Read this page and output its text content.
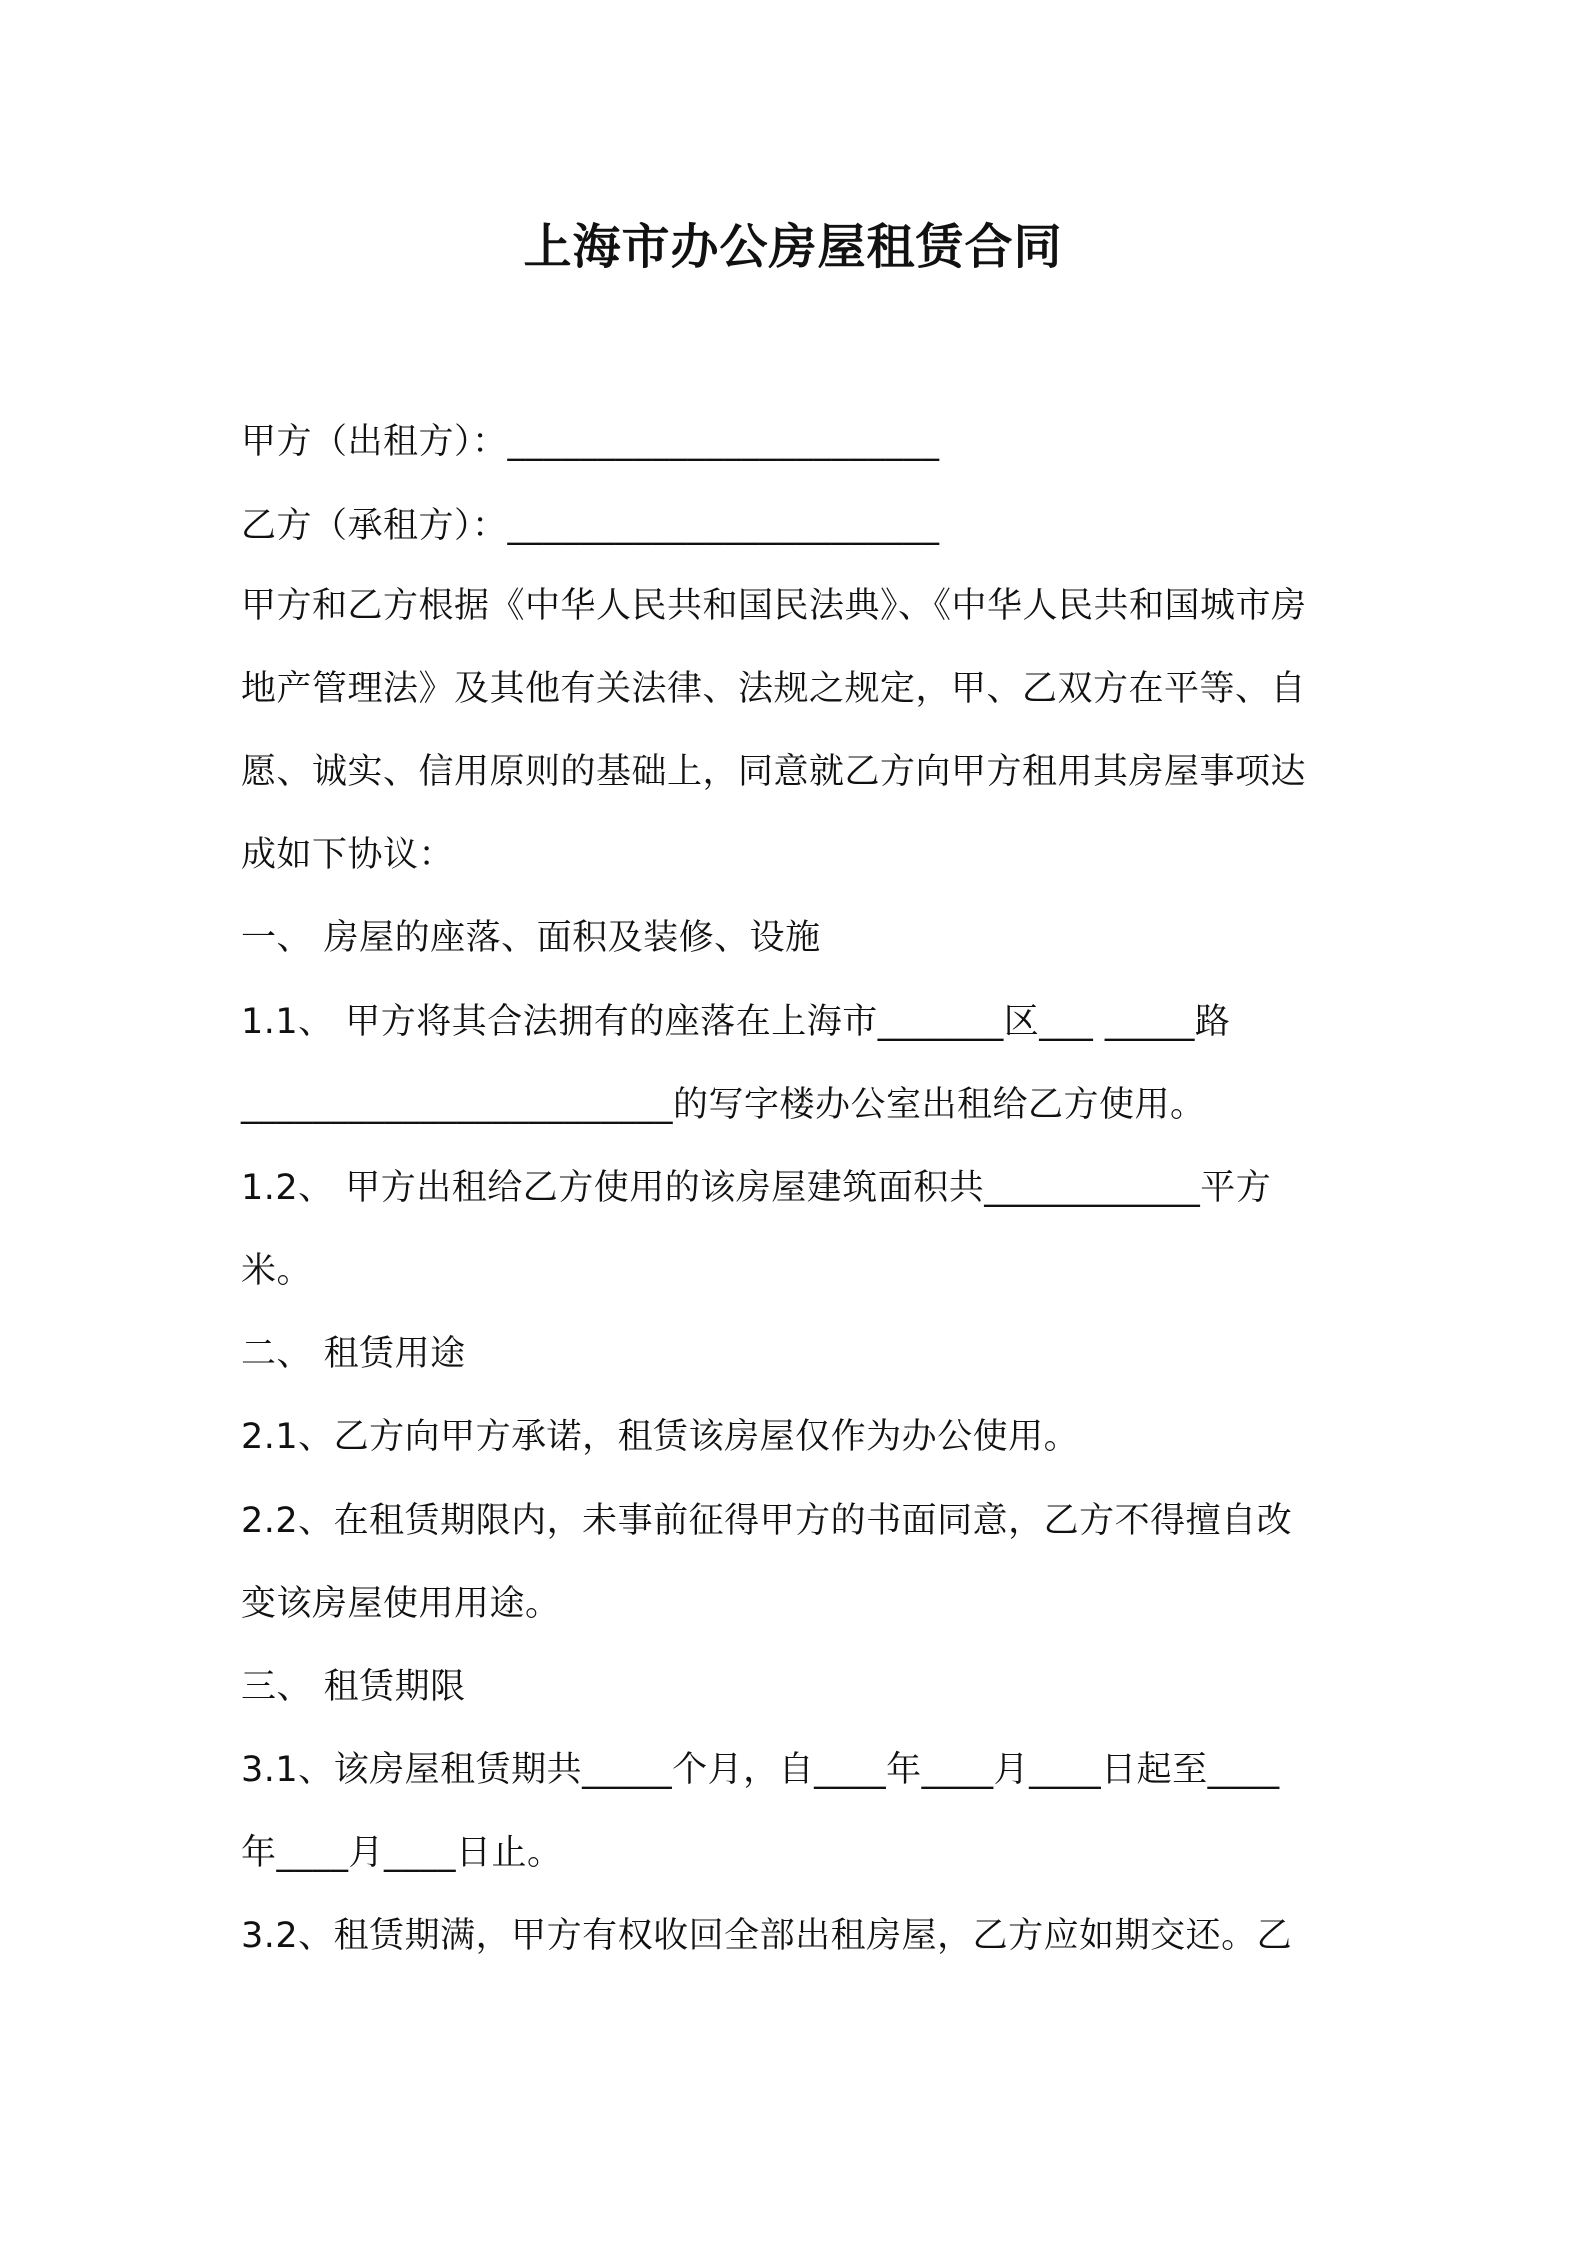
上海市办公房屋租赁合同
甲方（出租方）：________________________
乙方（承租方）：________________________
甲方和乙方根据《中华人民共和国民法典》、《中华人民共和国城市房
地产管理法》及其他有关法律、法规之规定，甲、乙双方在平等、自
愿、诚实、信用原则的基础上，同意就乙方向甲方租用其房屋事项达
成如下协议：
一、 房屋的座落、面积及装修、设施
1.1、 甲方将其合法拥有的座落在上海市_______区___ _____路
________________________的写字楼办公室出租给乙方使用。
1.2、 甲方出租给乙方使用的该房屋建筑面积共____________平方
米。
二、 租赁用途
2.1、乙方向甲方承诺，租赁该房屋仅作为办公使用。
2.2、在租赁期限内，未事前征得甲方的书面同意，乙方不得擅自改
变该房屋使用用途。
三、 租赁期限
3.1、该房屋租赁期共_____个月，自____年____月____日起至____
年____月____日止。
3.2、租赁期满，甲方有权收回全部出租房屋，乙方应如期交还。乙
